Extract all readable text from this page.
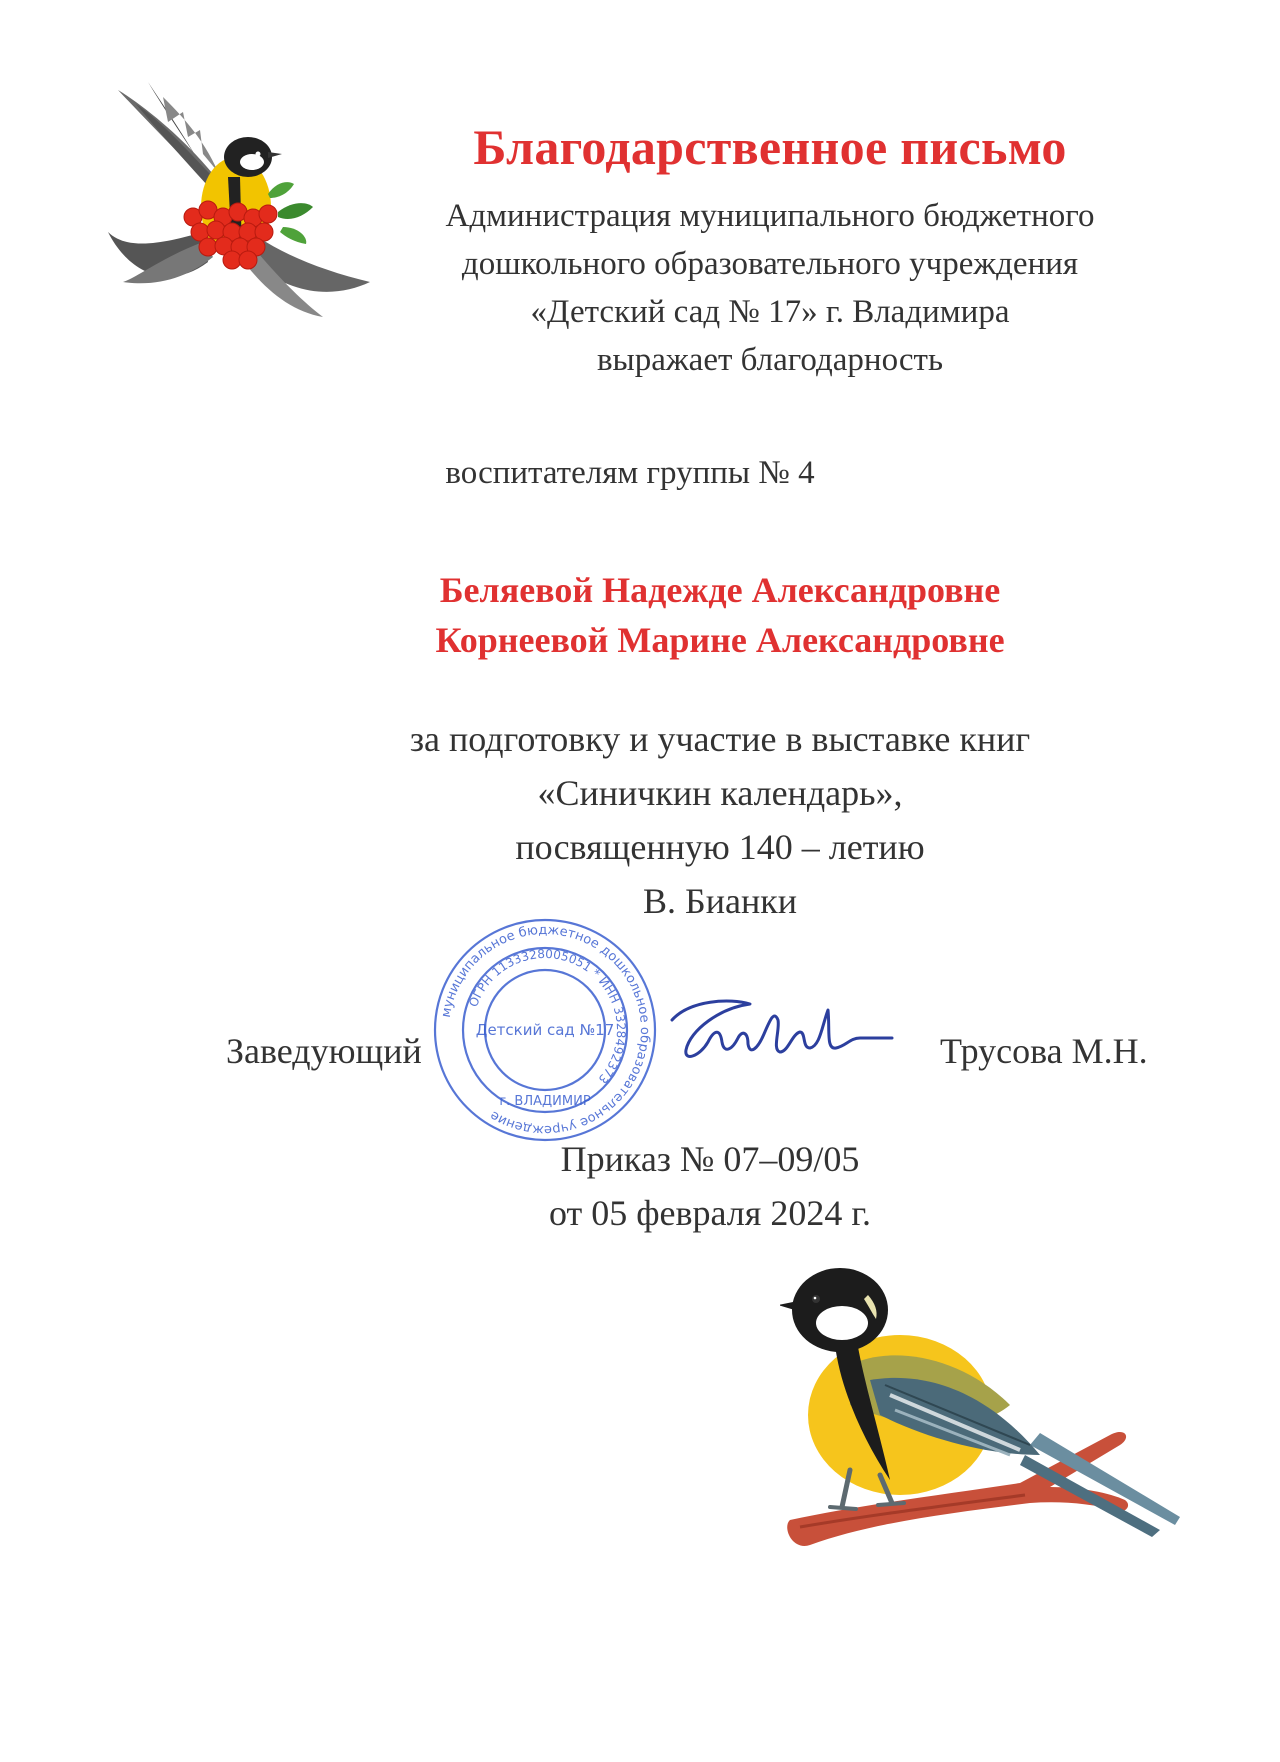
Благодарственное письмо
Администрация муниципального бюджетного
дошкольного образовательного учреждения
«Детский сад № 17» г. Владимира
выражает благодарность
воспитателям группы № 4
Беляевой Надежде Александровне
Корнеевой Марине Александровне
за подготовку и участие в выставке книг
«Синичкин календарь»,
посвященную 140 – летию
В. Бианки
Заведующий
муниципальное бюджетное дошкольное образовательное учреждение
ОГРН 1133328005051 * ИНН 3328492373
г. ВЛАДИМИР
Детский сад №17
Трусова М.Н.
Приказ № 07–09/05
от 05 февраля 2024 г.
